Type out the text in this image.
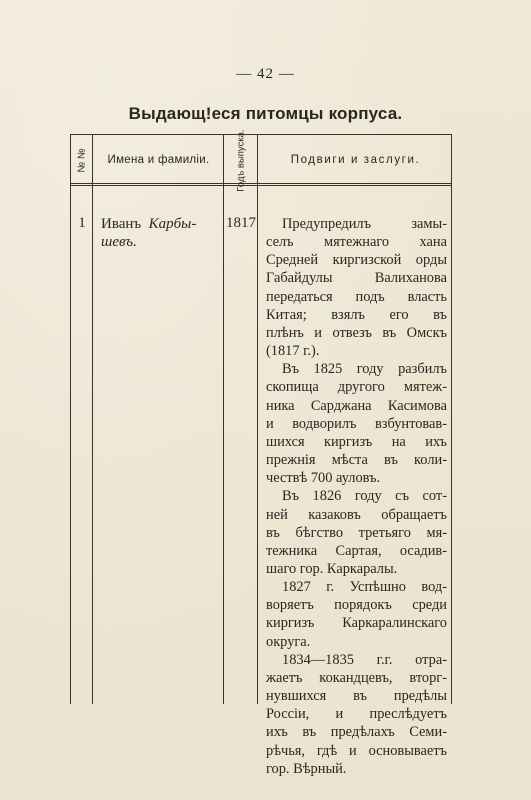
— 42 —
Выдающ!еся питомцы корпуса.
№ №	Имена и фамилiи.	Годъ выпуска.	Подвиги и заслуги.
1 Иванъ Карбы-
шевъ.
1817	Предупредилъ замы-
селъ мятежнаго хана
Средней киргизской орды
Габайдулы Валиханова
передаться подъ власть
Китая; взялъ его въ
плѣнъ и отвезъ въ Омскъ
(1817 г.).
Въ 1825 году разбилъ
скопища другого мятеж-
ника Сарджана Касимова
и водворилъ взбунтовав-
шихся киргизъ на ихъ
прежнiя мѣста въ коли-
чествѣ 700 ауловъ.
Въ 1826 году съ сот-
ней казаковъ обращаетъ
въ бѣгство третьяго мя-
тежника Сартая, осадив-
шаго гор. Каркаралы.
1827 г. Успѣшно вод-
воряетъ порядокъ среди
киргизъ Каркаралинскаго
округа.
1834—1835 г.г. отра-
жаетъ кокандцевъ, вторг-
нувшихся въ предѣлы
Россiи, и преслѣдуетъ
ихъ въ предѣлахъ Семи-
рѣчья, гдѣ и основываетъ
гор. Вѣрный.
